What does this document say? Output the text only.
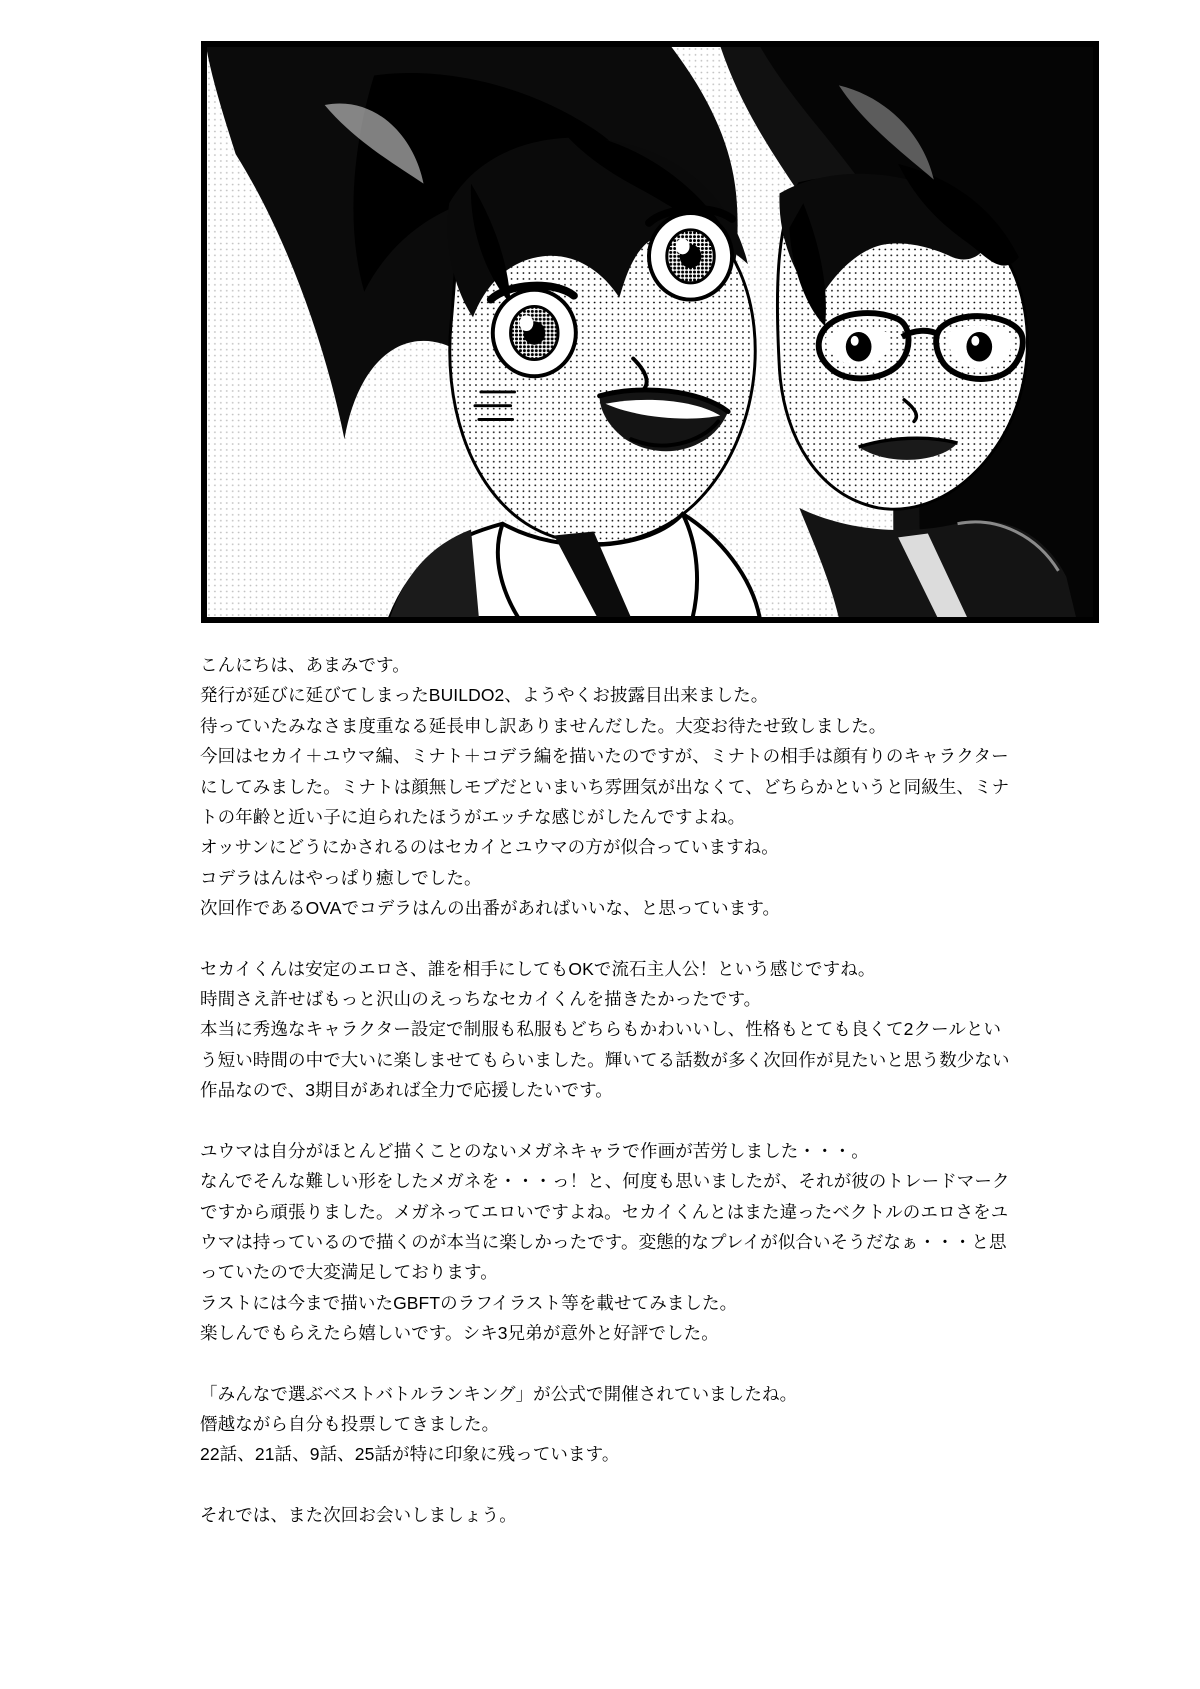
こんにちは、あまみです。

発行が延びに延びてしまったBUILDO2、ようやくお披露目出来ました。

待っていたみなさま度重なる延長申し訳ありませんだした。大変お待たせ致しました。

今回はセカイ＋ユウマ編、ミナト＋コデラ編を描いたのですが、ミナトの相手は顔有りのキャラクターにしてみました。ミナトは顔無しモブだといまいち雰囲気が出なくて、どちらかというと同級生、ミナトの年齢と近い子に迫られたほうがエッチな感じがしたんですよね。

オッサンにどうにかされるのはセカイとユウマの方が似合っていますね。

コデラはんはやっぱり癒しでした。

次回作であるOVAでコデラはんの出番があればいいな、と思っています。

セカイくんは安定のエロさ、誰を相手にしてもOKで流石主人公！という感じですね。

時間さえ許せばもっと沢山のえっちなセカイくんを描きたかったです。

本当に秀逸なキャラクター設定で制服も私服もどちらもかわいいし、性格もとても良くて2クールという短い時間の中で大いに楽しませてもらいました。輝いてる話数が多く次回作が見たいと思う数少ない作品なので、3期目があれば全力で応援したいです。

ユウマは自分がほとんど描くことのないメガネキャラで作画が苦労しました・・・。

なんでそんな難しい形をしたメガネを・・・っ！と、何度も思いましたが、それが彼のトレードマークですから頑張りました。メガネってエロいですよね。セカイくんとはまた違ったベクトルのエロさをユウマは持っているので描くのが本当に楽しかったです。変態的なプレイが似合いそうだなぁ・・・と思っていたので大変満足しております。

ラストには今まで描いたGBFTのラフイラスト等を載せてみました。

楽しんでもらえたら嬉しいです。シキ3兄弟が意外と好評でした。

「みんなで選ぶベストバトルランキング」が公式で開催されていましたね。

僭越ながら自分も投票してきました。

22話、21話、9話、25話が特に印象に残っています。

それでは、また次回お会いしましょう。
